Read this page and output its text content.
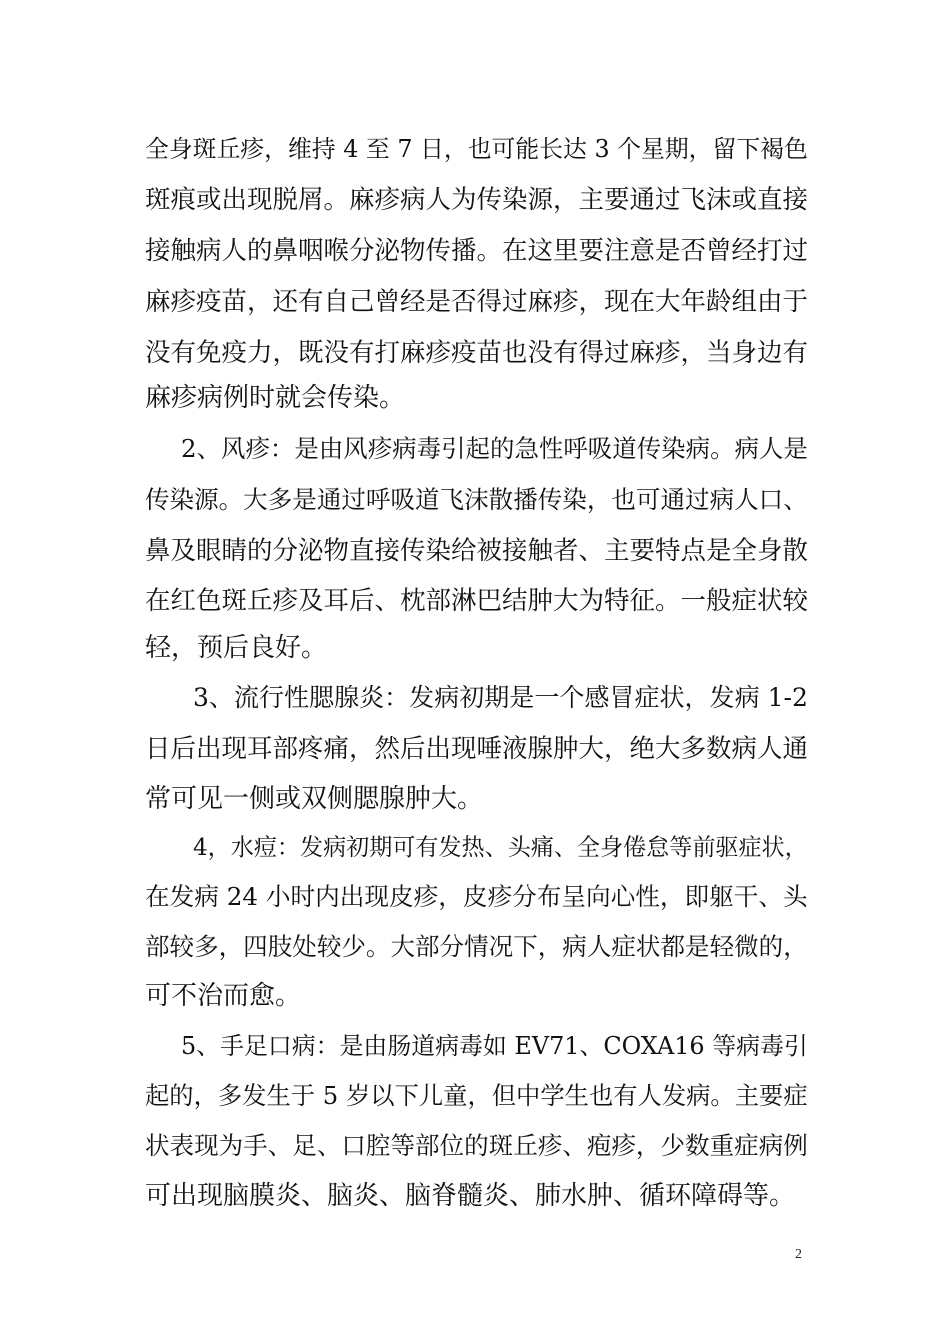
全身斑丘疹，维持 4 至 7 日，也可能长达 3 个星期，留下褐色
斑痕或出现脱屑。麻疹病人为传染源，主要通过飞沫或直接
接触病人的鼻咽喉分泌物传播。在这里要注意是否曾经打过
麻疹疫苗，还有自己曾经是否得过麻疹，现在大年龄组由于
没有免疫力，既没有打麻疹疫苗也没有得过麻疹，当身边有
麻疹病例时就会传染。
2、风疹：是由风疹病毒引起的急性呼吸道传染病。病人是
传染源。大多是通过呼吸道飞沫散播传染，也可通过病人口、
鼻及眼睛的分泌物直接传染给被接触者、主要特点是全身散
在红色斑丘疹及耳后、枕部淋巴结肿大为特征。一般症状较
轻，预后良好。
3、流行性腮腺炎：发病初期是一个感冒症状，发病 1-2
日后出现耳部疼痛，然后出现唾液腺肿大，绝大多数病人通
常可见一侧或双侧腮腺肿大。
4，水痘：发病初期可有发热、头痛、全身倦怠等前驱症状，
在发病 24 小时内出现皮疹，皮疹分布呈向心性，即躯干、头
部较多，四肢处较少。大部分情况下，病人症状都是轻微的，
可不治而愈。
5、手足口病：是由肠道病毒如 EV71、COXA16 等病毒引
起的，多发生于 5 岁以下儿童，但中学生也有人发病。主要症
状表现为手、足、口腔等部位的斑丘疹、疱疹，少数重症病例
可出现脑膜炎、脑炎、脑脊髓炎、肺水肿、循环障碍等。
2
